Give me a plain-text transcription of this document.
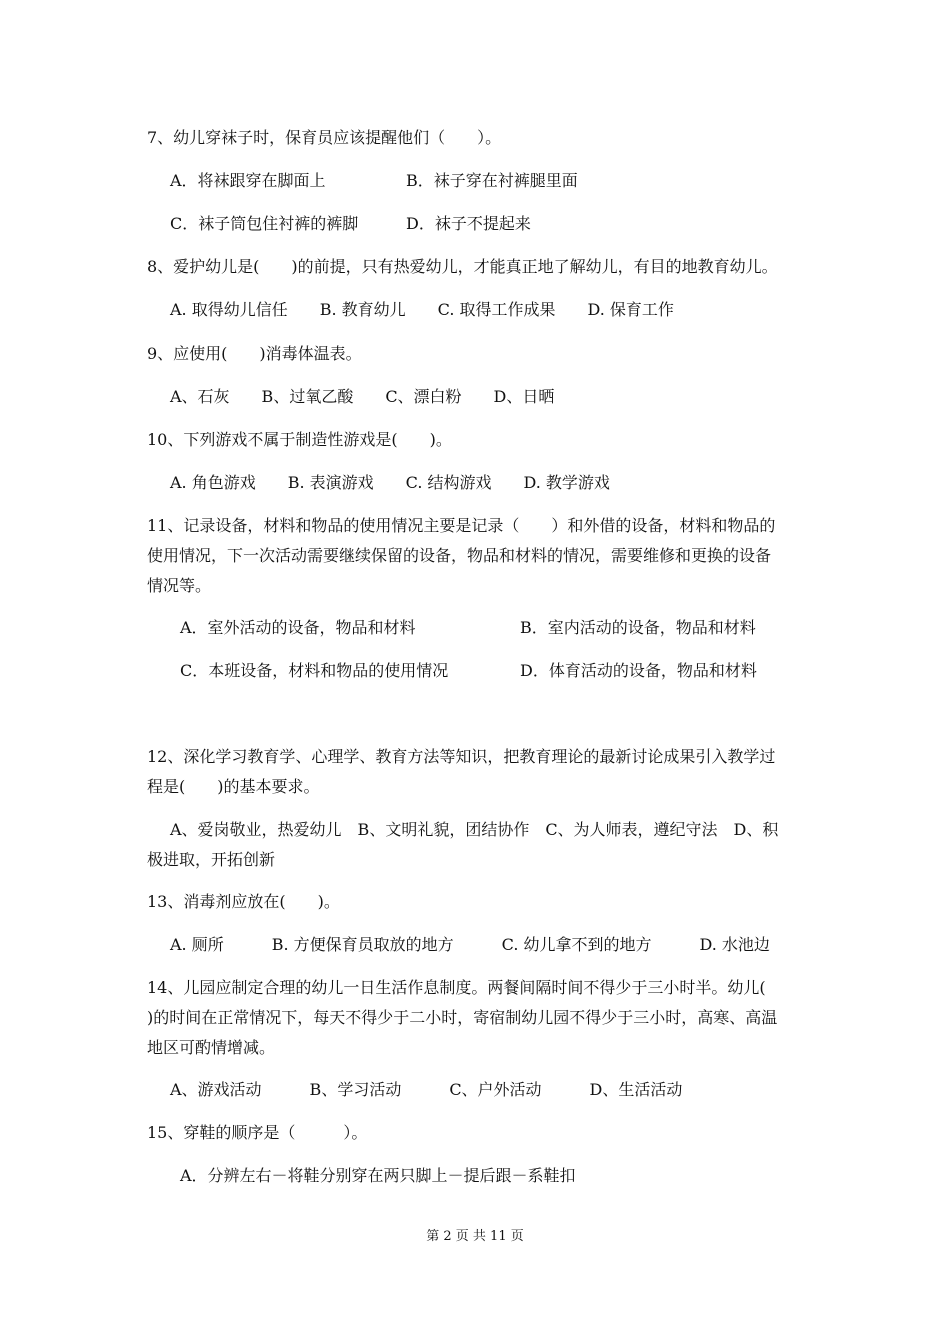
7、幼儿穿袜子时，保育员应该提醒他们（　　）。
A．将袜跟穿在脚面上	B．袜子穿在衬裤腿里面
C．袜子筒包住衬裤的裤脚	D．袜子不提起来
8、爱护幼儿是(　　)的前提，只有热爱幼儿，才能真正地了解幼儿，有目的地教育幼儿。
A. 取得幼儿信任　　B. 教育幼儿　　C. 取得工作成果　　D. 保育工作
9、应使用(　　)消毒体温表。
A、石灰　　B、过氧乙酸　　C、漂白粉　　D、日晒
10、下列游戏不属于制造性游戏是(　　)。
A. 角色游戏　　B. 表演游戏　　C. 结构游戏　　D. 教学游戏
11、记录设备，材料和物品的使用情况主要是记录（　　）和外借的设备，材料和物品的
使用情况，下一次活动需要继续保留的设备，物品和材料的情况，需要维修和更换的设备
情况等。
A．室外活动的设备，物品和材料	B．室内活动的设备，物品和材料
C．本班设备，材料和物品的使用情况	D．体育活动的设备，物品和材料
12、深化学习教育学、心理学、教育方法等知识，把教育理论的最新讨论成果引入教学过
程是(　　)的基本要求。
A、爱岗敬业，热爱幼儿　B、文明礼貌，团结协作　C、为人师表，遵纪守法　D、积
极进取，开拓创新
13、消毒剂应放在(　　)。
A. 厕所　　　B. 方便保育员取放的地方　　　C. 幼儿拿不到的地方　　　D. 水池边
14、儿园应制定合理的幼儿一日生活作息制度。两餐间隔时间不得少于三小时半。幼儿(
)的时间在正常情况下，每天不得少于二小时，寄宿制幼儿园不得少于三小时，高寒、高温
地区可酌情增减。
A、游戏活动　　　B、学习活动　　　C、户外活动　　　D、生活活动
15、穿鞋的顺序是（　　　）。
A．分辨左右－将鞋分别穿在两只脚上－提后跟－系鞋扣
第 2 页 共 11 页
